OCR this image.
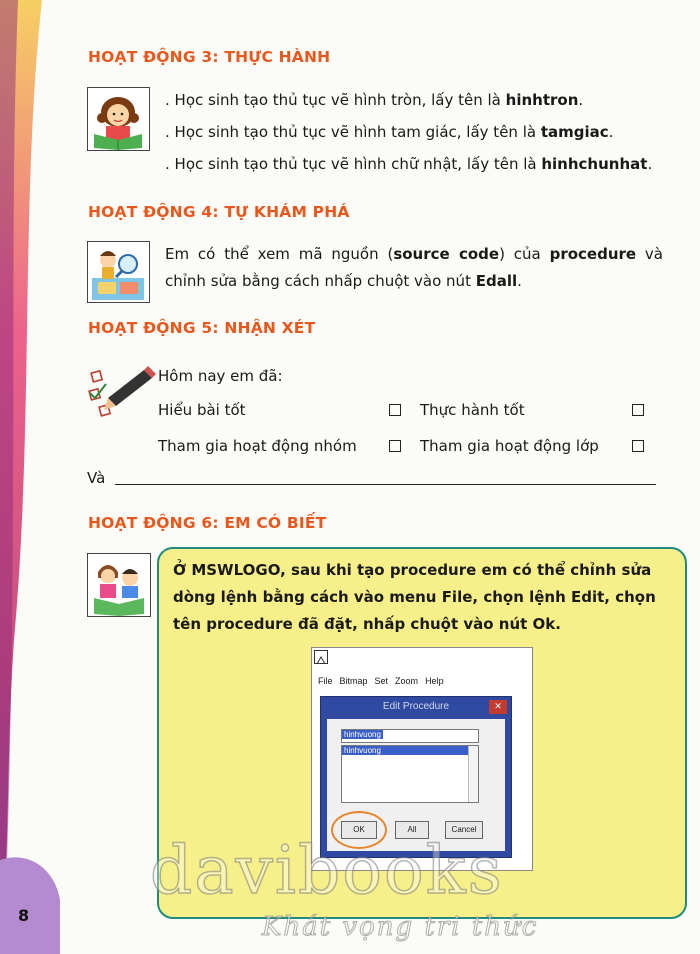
8
HOẠT ĐỘNG 3: THỰC HÀNH
. Học sinh tạo thủ tục vẽ hình tròn, lấy tên là hinhtron.
. Học sinh tạo thủ tục vẽ hình tam giác, lấy tên là tamgiac.
. Học sinh tạo thủ tục vẽ hình chữ nhật, lấy tên là hinhchunhat.
HOẠT ĐỘNG 4: TỰ KHÁM PHÁ
Em có thể xem mã nguồn (source code) của procedure và chỉnh sửa bằng cách nhấp chuột vào nút Edall.
HOẠT ĐỘNG 5: NHẬN XÉT
Hôm nay em đã:
Hiểu bài tốt	Thực hành tốt
Tham gia hoạt động nhóm	Tham gia hoạt động lớp
Và
HOẠT ĐỘNG 6: EM CÓ BIẾT
Ở MSWLOGO, sau khi tạo procedure em có thể chỉnh sửa dòng lệnh bằng cách vào menu File, chọn lệnh Edit, chọn tên procedure đã đặt, nhấp chuột vào nút Ok.
File Bitmap Set Zoom Help
Edit Procedure	✕
hinhvuong
hinhvuong
OK	All	Cancel
davibooks
Khát vọng tri thức
